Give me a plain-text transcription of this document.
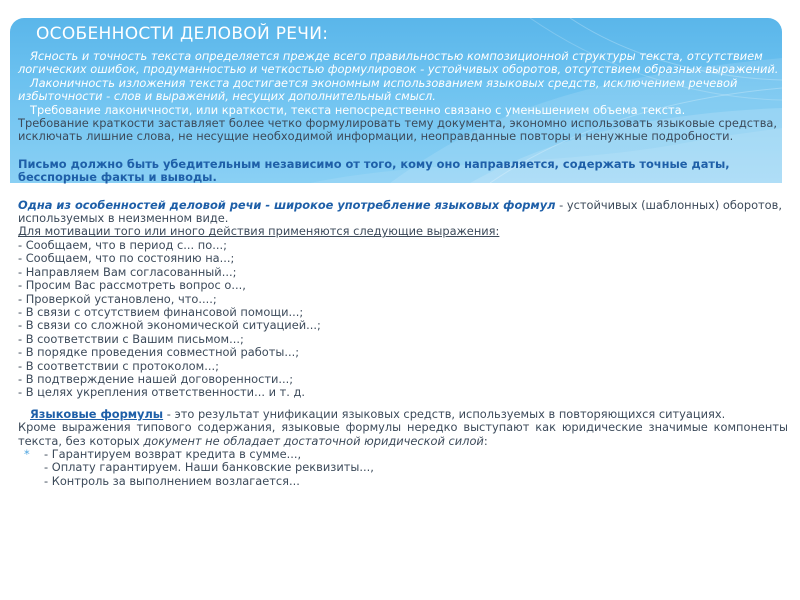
ОСОБЕННОСТИ ДЕЛОВОЙ РЕЧИ:

Ясность и точность текста определяется прежде всего правильностью композиционной структуры текста, отсутствием логических ошибок, продуманностью и четкостью формулировок - устойчивых оборотов, отсутствием образных выражений.

Лаконичность изложения текста достигается экономным использованием языковых средств, исключением речевой избыточности - слов и выражений, несущих дополнительный смысл.

Требование лаконичности, или краткости, текста непосредственно связано с уменьшением объема текста.

Требование краткости заставляет более четко формулировать тему документа, экономно использовать языковые средства, исключать лишние слова, не несущие необходимой информации, неоправданные повторы и ненужные подробности.

Письмо должно быть убедительным независимо от того, кому оно направляется, содержать точные даты, бесспорные факты и выводы.

Одна из особенностей деловой речи - широкое употребление языковых формул - устойчивых (шаблонных) оборотов, используемых в неизменном виде.

Для мотивации того или иного действия применяются следующие выражения:

- Сообщаем, что в период с... по...;
- Сообщаем, что по состоянию на...;
- Направляем Вам согласованный...;
- Просим Вас рассмотреть вопрос о...,
- Проверкой установлено, что....;
- В связи с отсутствием финансовой помощи...;
- В связи со сложной экономической ситуацией...;
- В соответствии с Вашим письмом...;
- В порядке проведения совместной работы...;
- В соответствии с протоколом...;
- В подтверждение нашей договоренности...;
- В целях укрепления ответственности... и т. д.

Языковые формулы - это результат унификации языковых средств, используемых в повторяющихся ситуациях.

Кроме выражения типового содержания, языковые формулы нередко выступают как юридические значимые компоненты текста, без которых документ не обладает достаточной юридической силой:

* - Гарантируем возврат кредита в сумме...,
- Оплату гарантируем. Наши банковские реквизиты...,
- Контроль за выполнением возлагается...
